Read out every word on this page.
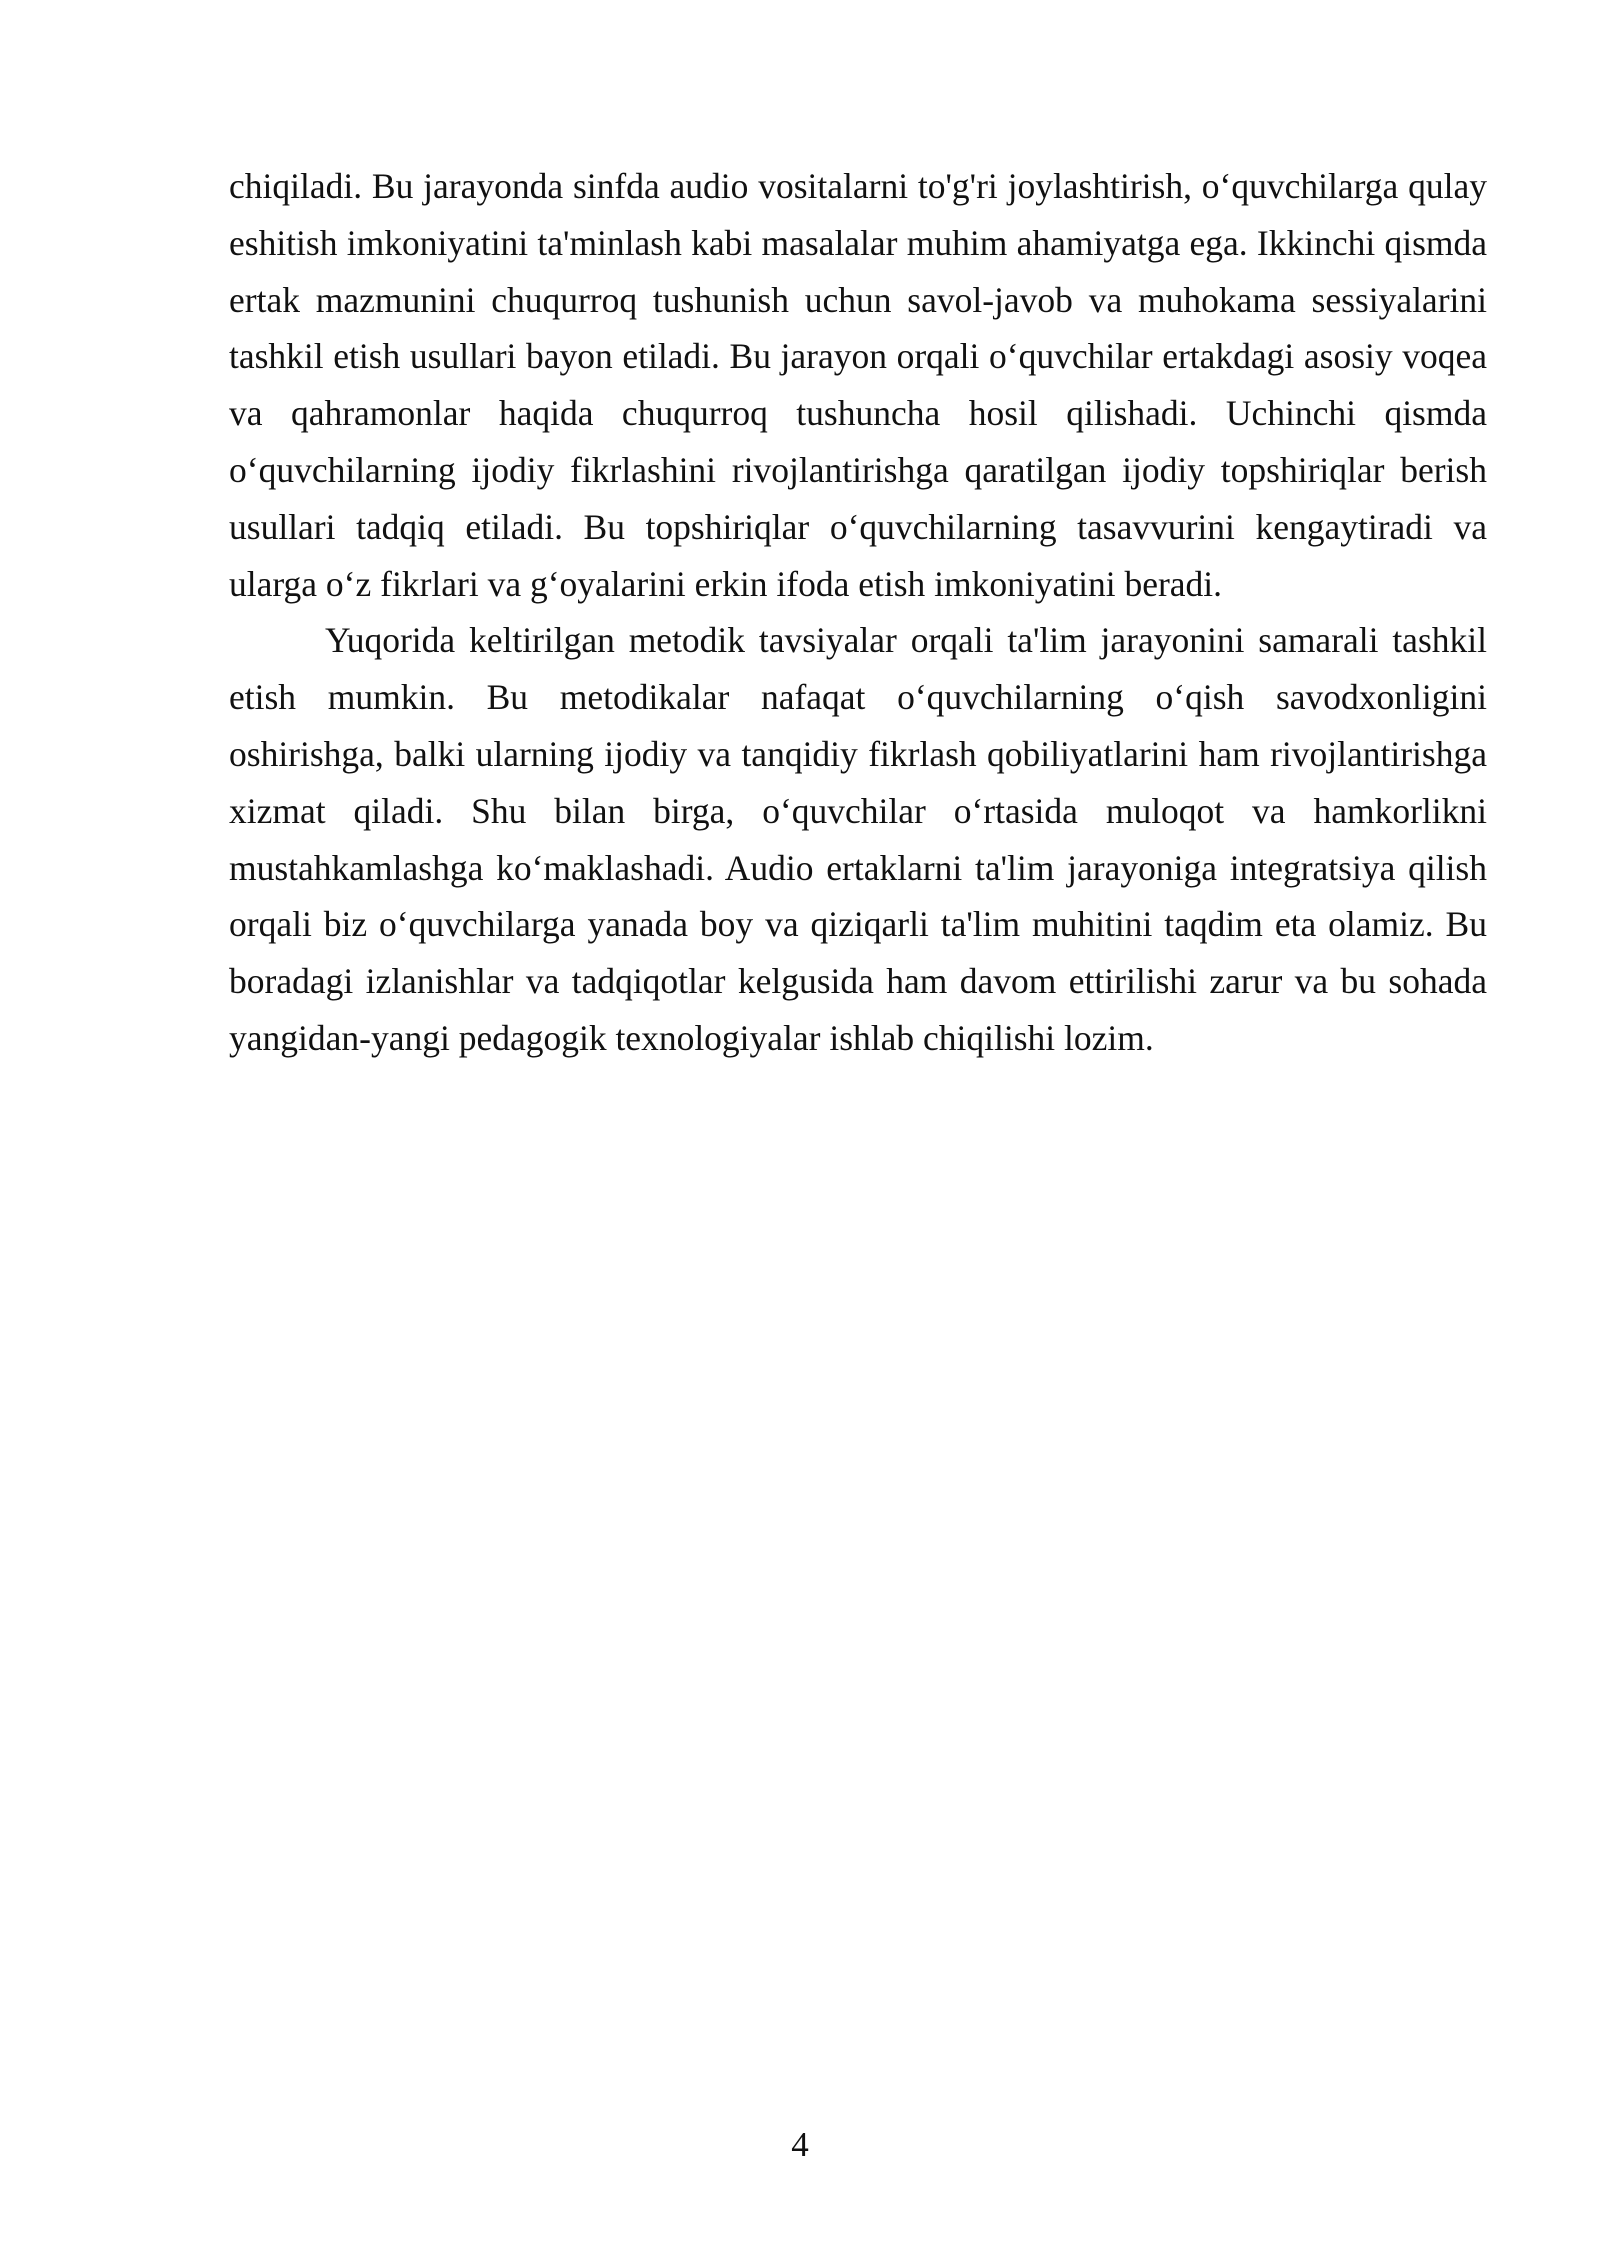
chiqiladi. Bu jarayonda sinfda audio vositalarni to'g'ri joylashtirish, o‘quvchilarga qulay eshitish imkoniyatini ta'minlash kabi masalalar muhim ahamiyatga ega. Ikkinchi qismda ertak mazmunini chuqurroq tushunish uchun savol-javob va muhokama sessiyalarini tashkil etish usullari bayon etiladi. Bu jarayon orqali o‘quvchilar ertakdagi asosiy voqea va qahramonlar haqida chuqurroq tushuncha hosil qilishadi. Uchinchi qismda o‘quvchilarning ijodiy fikrlashini rivojlantirishga qaratilgan ijodiy topshiriqlar berish usullari tadqiq etiladi. Bu topshiriqlar o‘quvchilarning tasavvurini kengaytiradi va ularga o‘z fikrlari va g‘oyalarini erkin ifoda etish imkoniyatini beradi.

Yuqorida keltirilgan metodik tavsiyalar orqali ta'lim jarayonini samarali tashkil etish mumkin. Bu metodikalar nafaqat o‘quvchilarning o‘qish savodxonligini oshirishga, balki ularning ijodiy va tanqidiy fikrlash qobiliyatlarini ham rivojlantirishga xizmat qiladi. Shu bilan birga, o‘quvchilar o‘rtasida muloqot va hamkorlikni mustahkamlashga ko‘maklashadi. Audio ertaklarni ta'lim jarayoniga integratsiya qilish orqali biz o‘quvchilarga yanada boy va qiziqarli ta'lim muhitini taqdim eta olamiz. Bu boradagi izlanishlar va tadqiqotlar kelgusida ham davom ettirilishi zarur va bu sohada yangidan-yangi pedagogik texnologiyalar ishlab chiqilishi lozim.

4
